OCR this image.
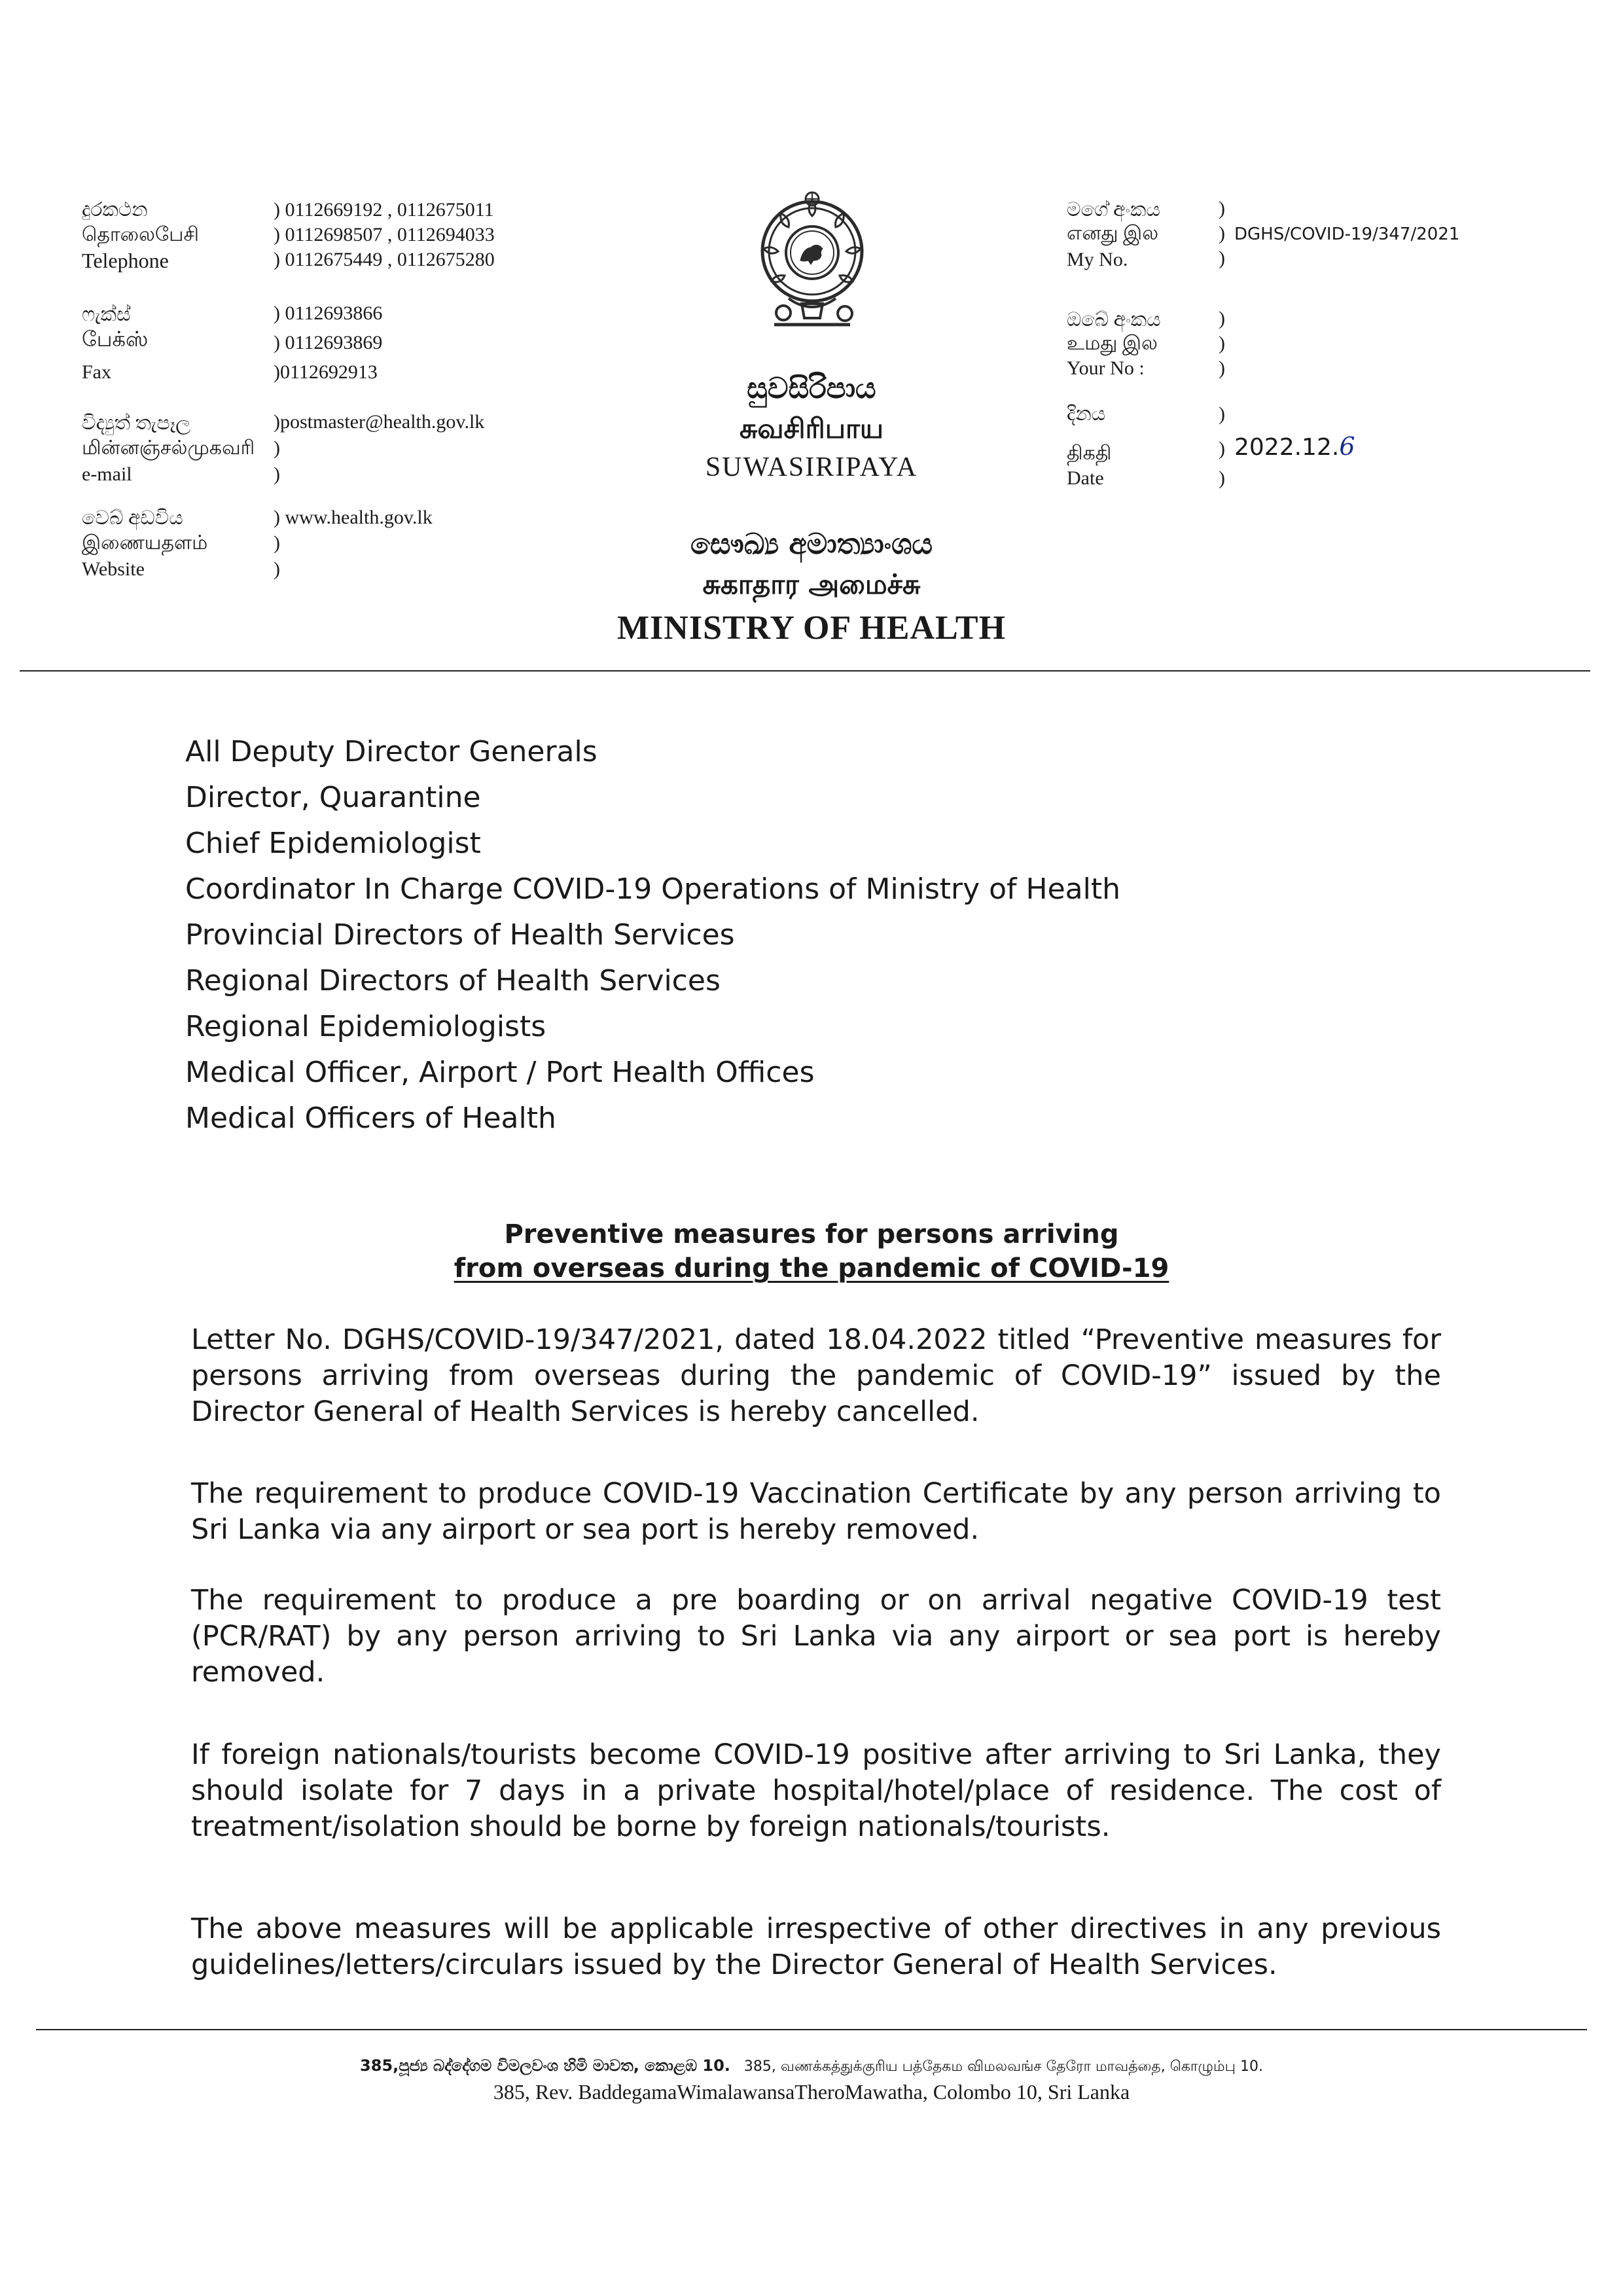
දුරකථන
தொலைபேசி
Telephone
) 0112669192 , 0112675011
) 0112698507 , 0112694033
) 0112675449 , 0112675280
ෆැක්ස්
பேக்ஸ்
Fax
) 0112693866
) 0112693869
)0112692913
විද්‍යුත් තැපෑල
மின்னஞ்சல்முகவரி
e-mail
)postmaster@health.gov.lk
)
)
වෙබ් අඩවිය
இணையதளம்
Website
) www.health.gov.lk
)
)
සුවසිරිපාය
சுவசிரிபாய
SUWASIRIPAYA
සෞඛ්‍ය අමාත්‍යාංශය
சுகாதார அமைச்சு
MINISTRY OF HEALTH
මගේ අංකය
எனது இல
My No.
)
) DGHS/COVID-19/347/2021
)
ඔබේ අංකය
உமது இல
Your No :
)
)
)
දිනය
திகதி
Date
)
) 2022.12.6
)
All Deputy Director Generals
Director, Quarantine
Chief Epidemiologist
Coordinator In Charge COVID-19 Operations of Ministry of Health
Provincial Directors of Health Services
Regional Directors of Health Services
Regional Epidemiologists
Medical Officer, Airport / Port Health Offices
Medical Officers of Health
Preventive measures for persons arriving
from overseas during the pandemic of COVID-19
Letter No. DGHS/COVID-19/347/2021, dated 18.04.2022 titled “Preventive measures for persons arriving from overseas during the pandemic of COVID-19” issued by the Director General of Health Services is hereby cancelled.
The requirement to produce COVID-19 Vaccination Certificate by any person arriving to Sri Lanka via any airport or sea port is hereby removed.
The requirement to produce a pre boarding or on arrival negative COVID-19 test (PCR/RAT) by any person arriving to Sri Lanka via any airport or sea port is hereby removed.
If foreign nationals/tourists become COVID-19 positive after arriving to Sri Lanka, they should isolate for 7 days in a private hospital/hotel/place of residence. The cost of treatment/isolation should be borne by foreign nationals/tourists.
The above measures will be applicable irrespective of other directives in any previous guidelines/letters/circulars issued by the Director General of Health Services.
385,පූජ්‍ය බද්දේගම විමලවංශ හිමි මාවත, කොළඹ 10. 385, வணக்கத்துக்குரிய பத்தேகம விமலவங்ச தேரோ மாவத்தை, கொழும்பு 10.
385, Rev. BaddegamaWimalawansaTheroMawatha, Colombo 10, Sri Lanka
